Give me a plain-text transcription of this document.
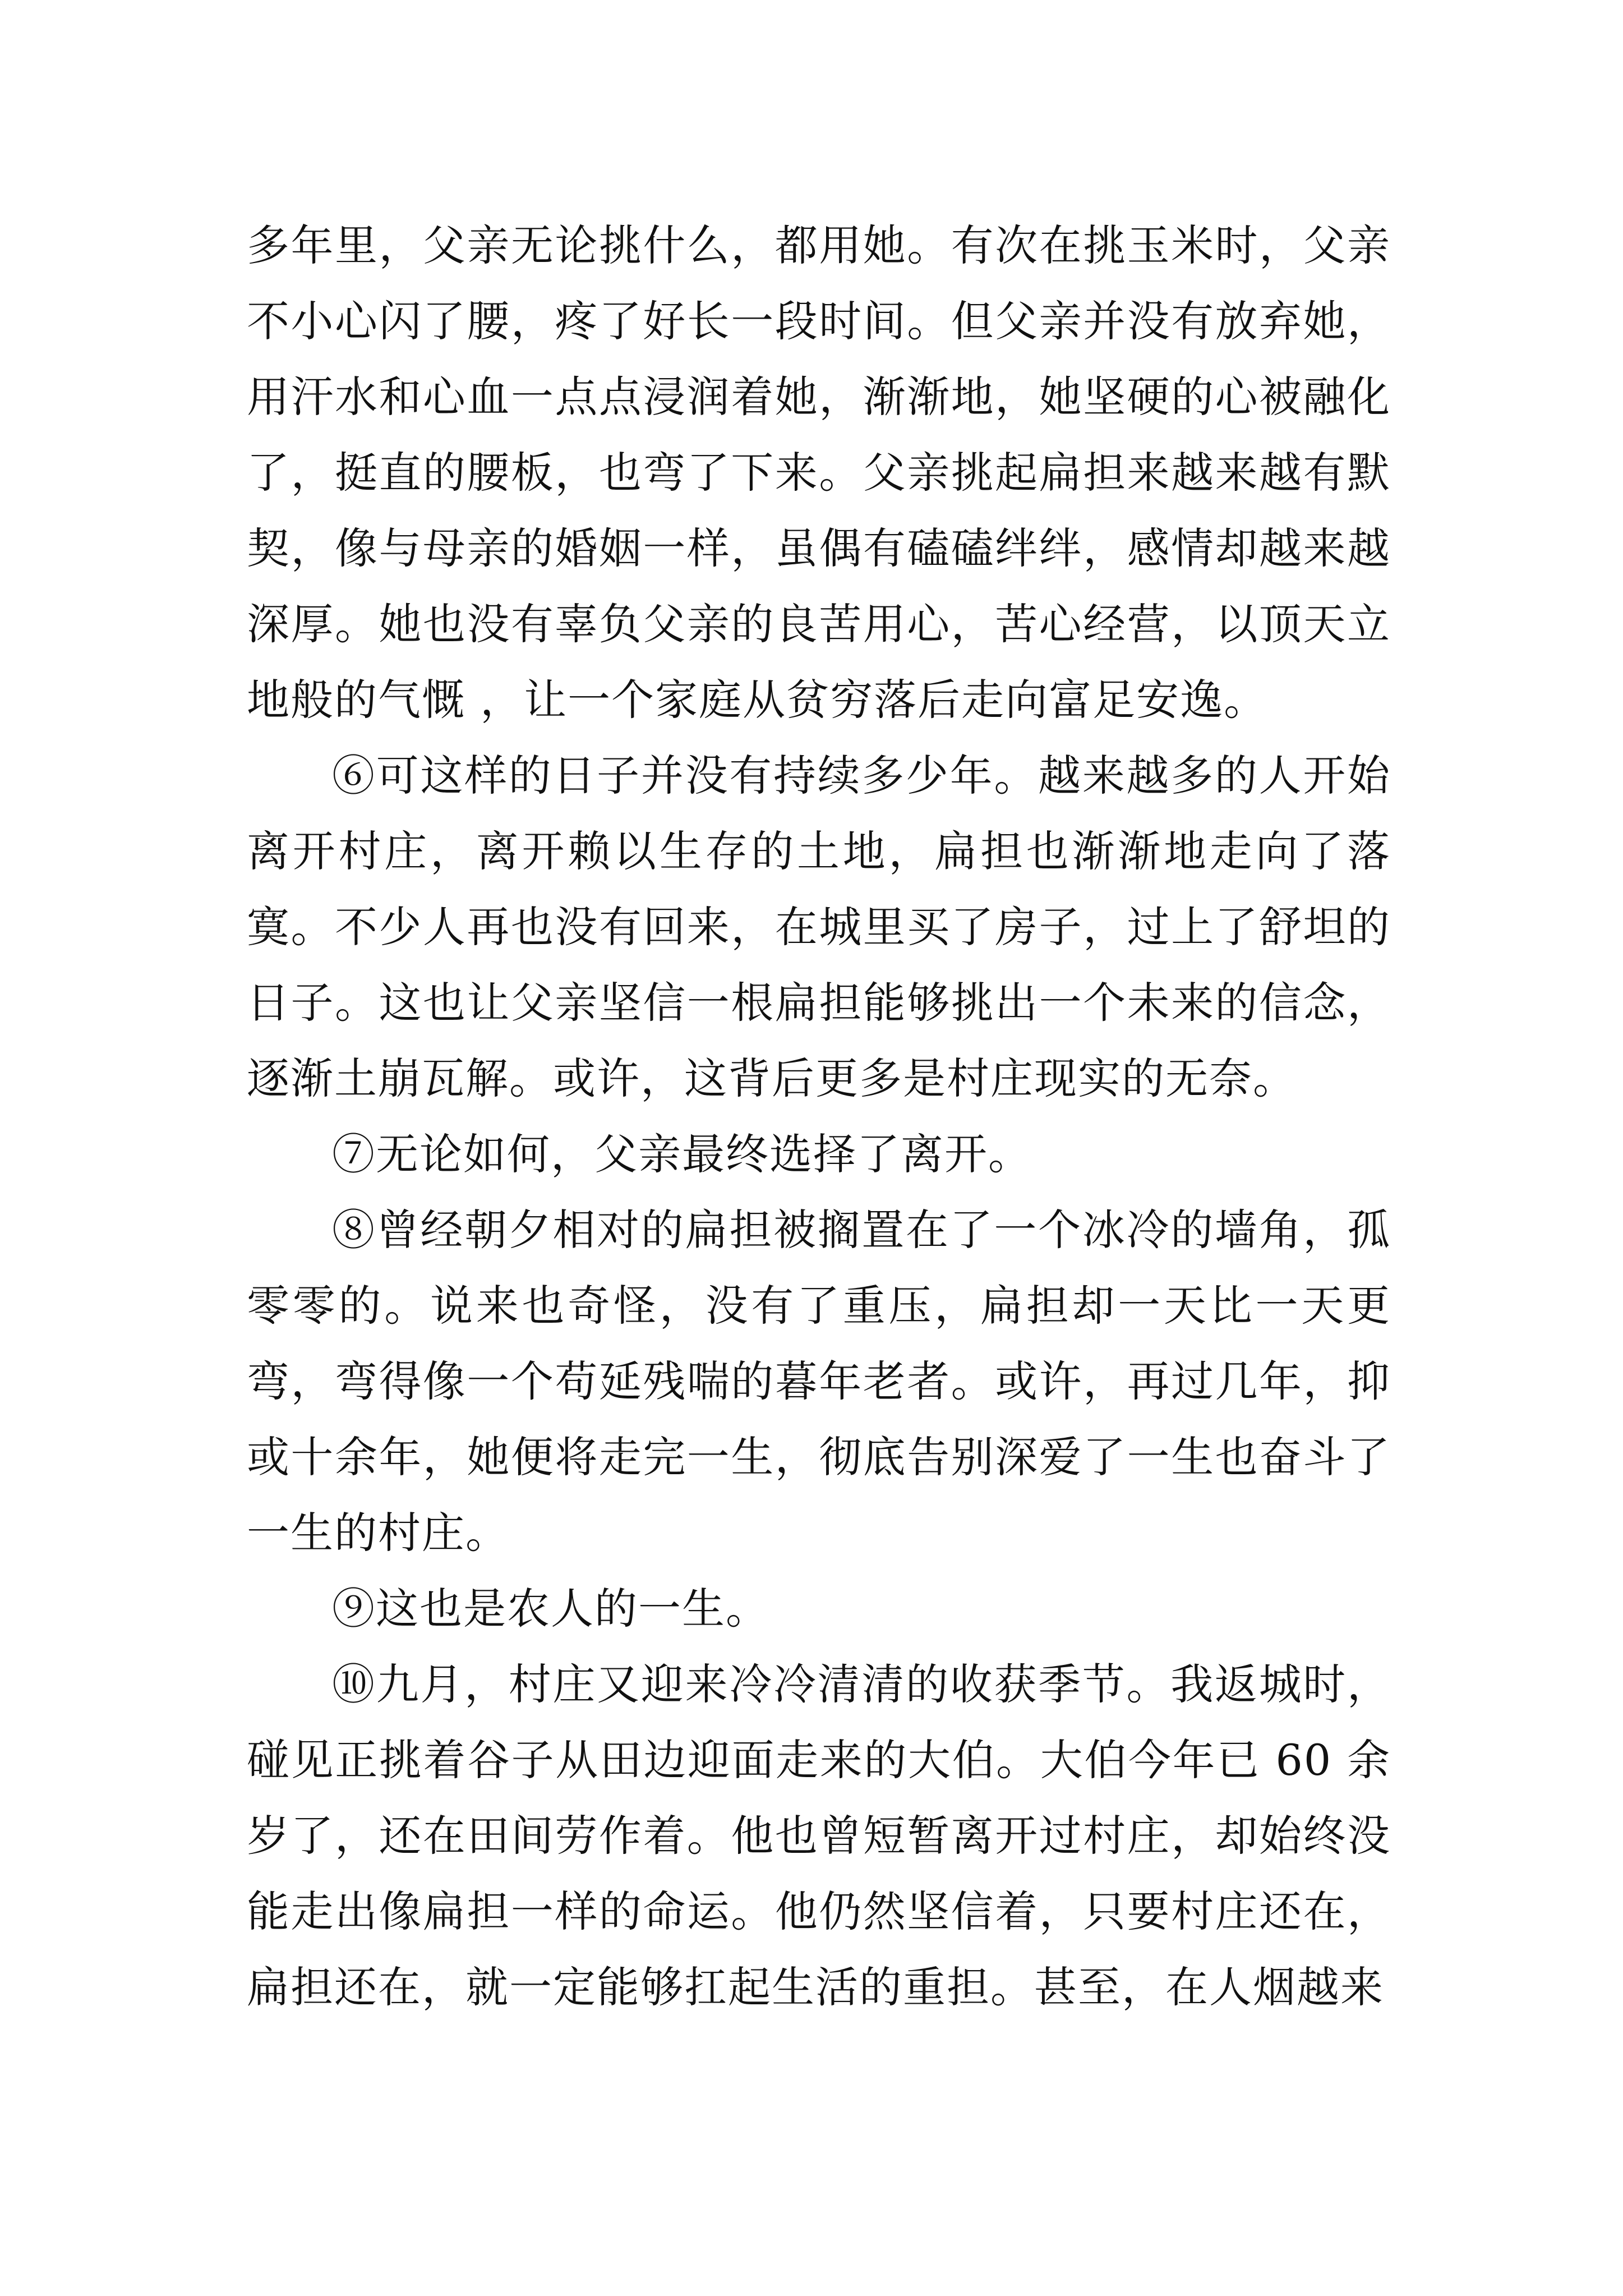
多年里，父亲无论挑什么，都用她。有次在挑玉米时，父亲不小心闪了腰，疼了好长一段时间。但父亲并没有放弃她，用汗水和心血一点点浸润着她，渐渐地，她坚硬的心被融化了，挺直的腰板，也弯了下来。父亲挑起扁担来越来越有默契，像与母亲的婚姻一样，虽偶有磕磕绊绊，感情却越来越深厚。她也没有辜负父亲的良苦用心，苦心经营，以顶天立地般的气慨 ，让一个家庭从贫穷落后走向富足安逸。

⑥可这样的日子并没有持续多少年。越来越多的人开始离开村庄，离开赖以生存的土地，扁担也渐渐地走向了落寞。不少人再也没有回来，在城里买了房子，过上了舒坦的日子。这也让父亲坚信一根扁担能够挑出一个未来的信念，逐渐土崩瓦解。或许，这背后更多是村庄现实的无奈。

⑦无论如何，父亲最终选择了离开。

⑧曾经朝夕相对的扁担被搁置在了一个冰冷的墙角，孤零零的。说来也奇怪，没有了重压，扁担却一天比一天更弯，弯得像一个苟延残喘的暮年老者。或许，再过几年，抑或十余年，她便将走完一生，彻底告别深爱了一生也奋斗了一生的村庄。

⑨这也是农人的一生。

⑩九月，村庄又迎来冷冷清清的收获季节。我返城时，碰见正挑着谷子从田边迎面走来的大伯。大伯今年已 60 余岁了，还在田间劳作着。他也曾短暂离开过村庄，却始终没能走出像扁担一样的命运。他仍然坚信着，只要村庄还在，扁担还在，就一定能够扛起生活的重担。甚至，在人烟越来
